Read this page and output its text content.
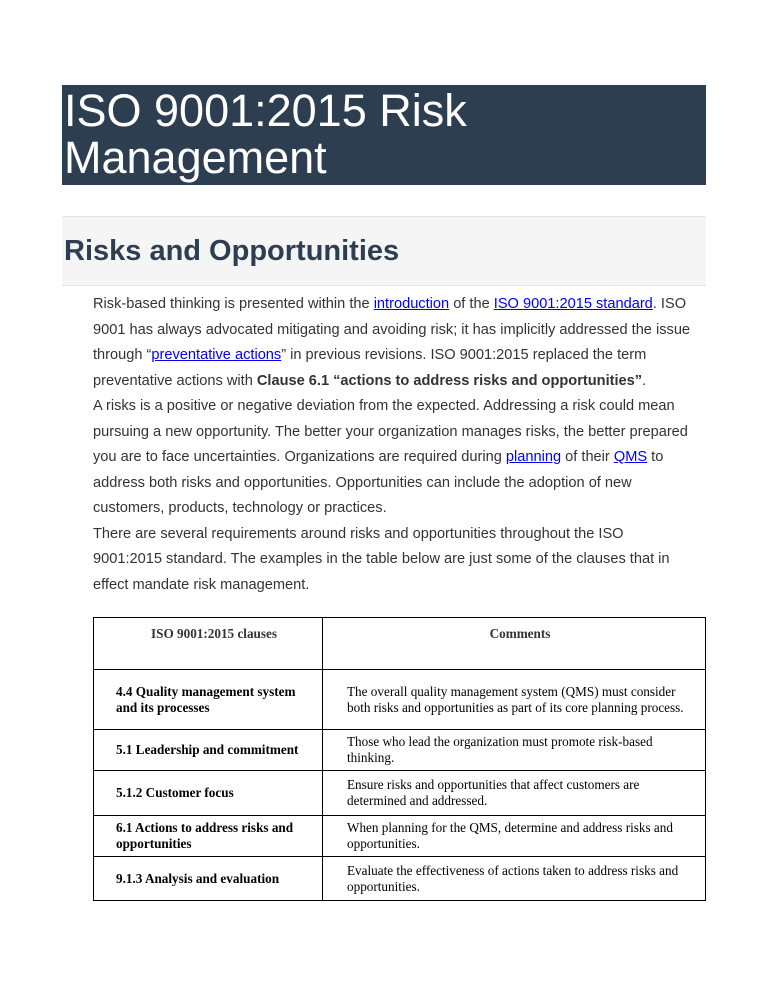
ISO 9001:2015 Risk Management
Risks and Opportunities

Risk-based thinking is presented within the introduction of the ISO 9001:2015 standard. ISO 9001 has always advocated mitigating and avoiding risk; it has implicitly addressed the issue through “preventative actions” in previous revisions. ISO 9001:2015 replaced the term preventative actions with Clause 6.1 “actions to address risks and opportunities”.

A risks is a positive or negative deviation from the expected. Addressing a risk could mean pursuing a new opportunity. The better your organization manages risks, the better prepared you are to face uncertainties. Organizations are required during planning of their QMS to address both risks and opportunities. Opportunities can include the adoption of new customers, products, technology or practices.

There are several requirements around risks and opportunities throughout the ISO 9001:2015 standard. The examples in the table below are just some of the clauses that in effect mandate risk management.

ISO 9001:2015 clauses	Comments
4.4 Quality management system and its processes	The overall quality management system (QMS) must consider both risks and opportunities as part of its core planning process.
5.1 Leadership and commitment	Those who lead the organization must promote risk-based thinking.
5.1.2 Customer focus	Ensure risks and opportunities that affect customers are determined and addressed.
6.1 Actions to address risks and opportunities	When planning for the QMS, determine and address risks and opportunities.
9.1.3 Analysis and evaluation	Evaluate the effectiveness of actions taken to address risks and opportunities.
